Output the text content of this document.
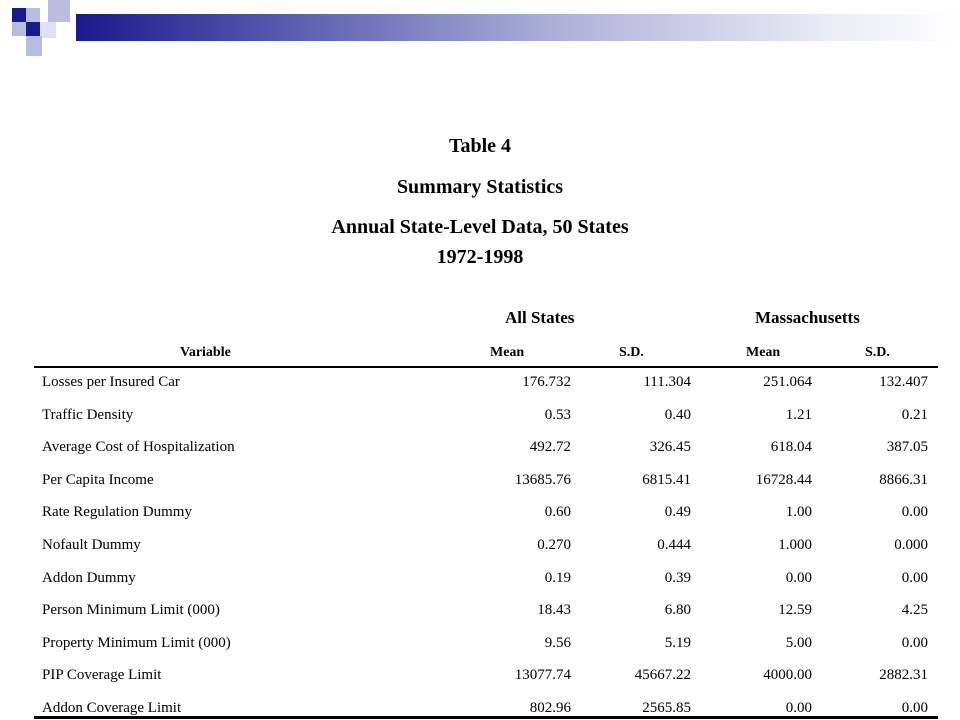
Table 4
Summary Statistics
Annual State-Level Data, 50 States
1972-1998
All States	Massachusetts
Variable	Mean	S.D.	Mean	S.D.
Losses per Insured Car	176.732	111.304	251.064	132.407
Traffic Density	0.53	0.40	1.21	0.21
Average Cost of Hospitalization	492.72	326.45	618.04	387.05
Per Capita Income	13685.76	6815.41	16728.44	8866.31
Rate Regulation Dummy	0.60	0.49	1.00	0.00
Nofault Dummy	0.270	0.444	1.000	0.000
Addon Dummy	0.19	0.39	0.00	0.00
Person Minimum Limit (000)	18.43	6.80	12.59	4.25
Property Minimum Limit (000)	9.56	5.19	5.00	0.00
PIP Coverage Limit	13077.74	45667.22	4000.00	2882.31
Addon Coverage Limit	802.96	2565.85	0.00	0.00
